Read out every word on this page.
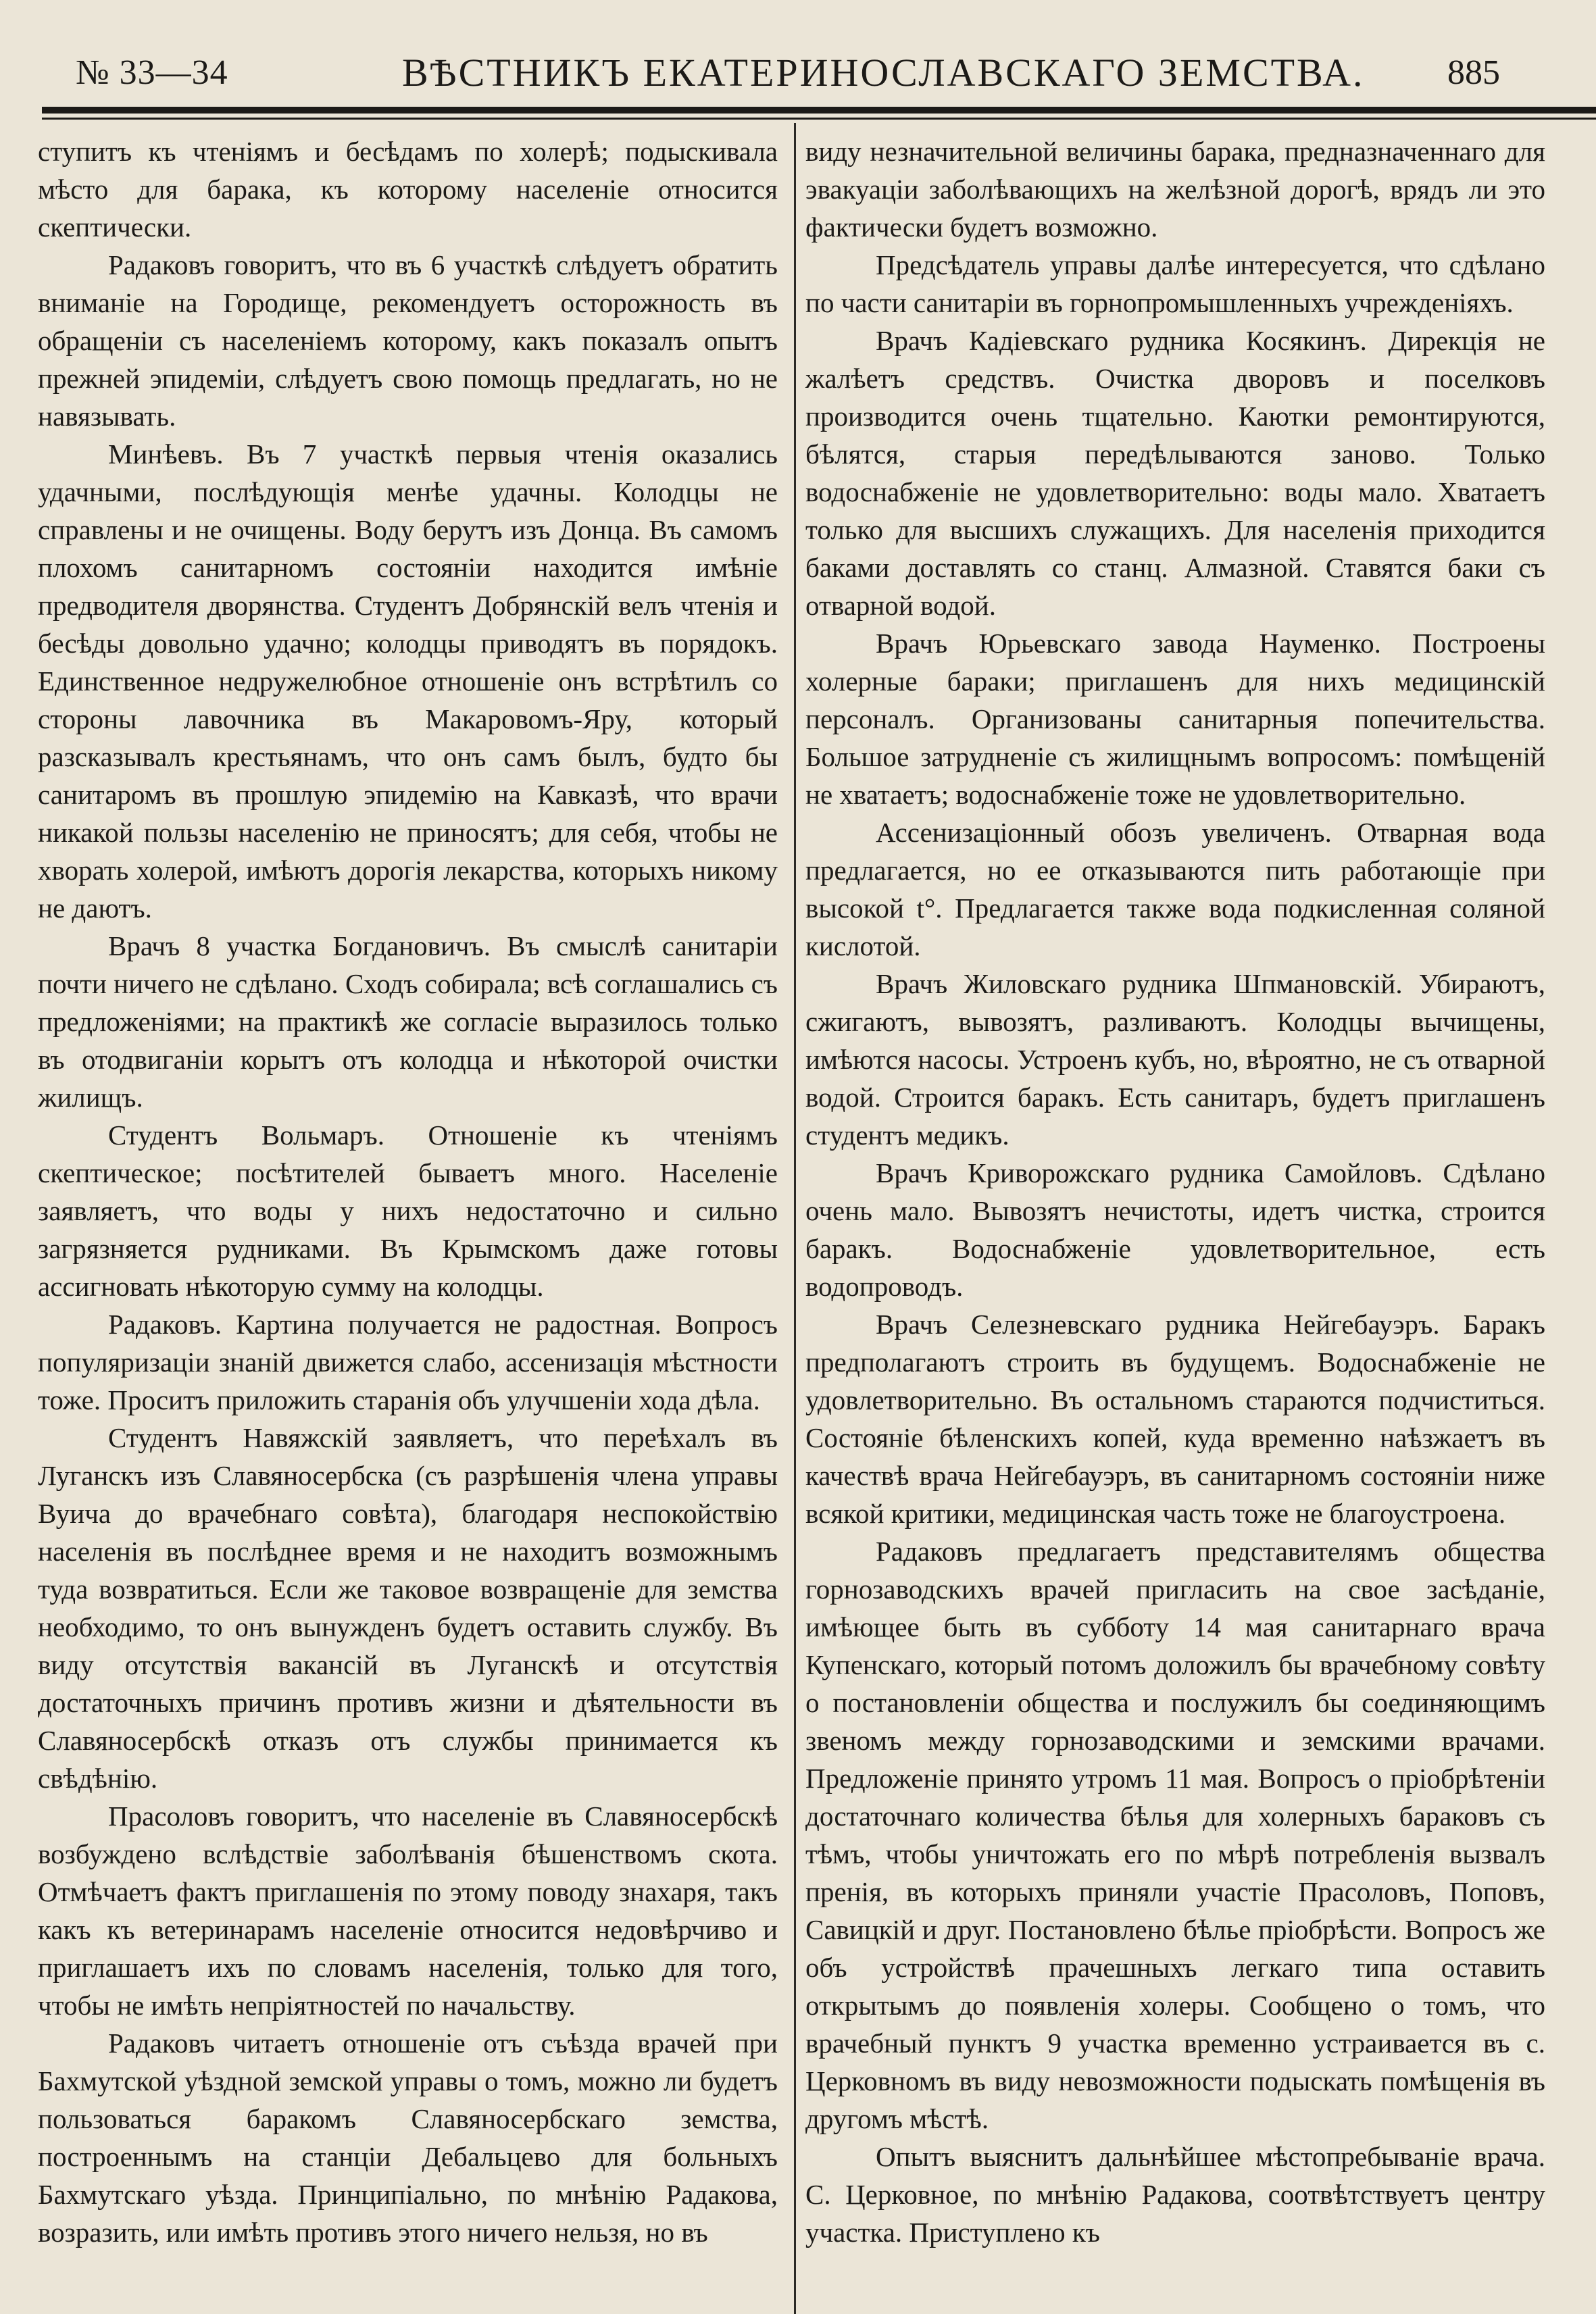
№ 33—34	ВѢСТНИКЪ ЕКАТЕРИНОСЛАВСКАГО ЗЕМСТВА. 885

ступитъ къ чтеніямъ и бесѣдамъ по холерѣ; подыскивала мѣсто для барака, къ которому населеніе относится скептически.

Радаковъ говоритъ, что въ 6 участкѣ слѣдуетъ обратить вниманіе на Городище, рекомендуетъ осторожность въ обращеніи съ населеніемъ которому, какъ показалъ опытъ прежней эпидеміи, слѣдуетъ свою помощь предлагать, но не навязывать.

Минѣевъ. Въ 7 участкѣ первыя чтенія оказались удачными, послѣдующія менѣе удачны. Колодцы не справлены и не очищены. Воду берутъ изъ Донца. Въ самомъ плохомъ санитарномъ состояніи находится имѣніе предводителя дворянства. Студентъ Добрянскій велъ чтенія и бесѣды довольно удачно; колодцы приводятъ въ порядокъ. Единственное недружелюбное отношеніе онъ встрѣтилъ со стороны лавочника въ Макаровомъ-Яру, который разсказывалъ крестьянамъ, что онъ самъ былъ, будто бы санитаромъ въ прошлую эпидемію на Кавказѣ, что врачи никакой пользы населенію не приносятъ; для себя, чтобы не хворать холерой, имѣютъ дорогія лекарства, которыхъ никому не даютъ.

Врачъ 8 участка Богдановичъ. Въ смыслѣ санитаріи почти ничего не сдѣлано. Сходъ собирала; всѣ соглашались съ предложеніями; на практикѣ же согласіе выразилось только въ отодвиганіи корытъ отъ колодца и нѣкоторой очистки жилищъ.

Студентъ Вольмаръ. Отношеніе къ чтеніямъ скептическое; посѣтителей бываетъ много. Населеніе заявляетъ, что воды у нихъ недостаточно и сильно загрязняется рудниками. Въ Крымскомъ даже готовы ассигновать нѣкоторую сумму на колодцы.

Радаковъ. Картина получается не радостная. Вопросъ популяризаціи знаній движется слабо, ассенизація мѣстности тоже. Проситъ приложить старанія объ улучшеніи хода дѣла.

Студентъ Навяжскій заявляетъ, что переѣхалъ въ Луганскъ изъ Славяносербска (съ разрѣшенія члена управы Вуича до врачебнаго совѣта), благодаря неспокойствію населенія въ послѣднее время и не находитъ возможнымъ туда возвратиться. Если же таковое возвращеніе для земства необходимо, то онъ вынужденъ будетъ оставить службу. Въ виду отсутствія вакансій въ Луганскѣ и отсутствія достаточныхъ причинъ противъ жизни и дѣятельности въ Славяносербскѣ отказъ отъ службы принимается къ свѣдѣнію.

Прасоловъ говоритъ, что населеніе въ Славяносербскѣ возбуждено вслѣдствіе заболѣванія бѣшенствомъ скота. Отмѣчаетъ фактъ приглашенія по этому поводу знахаря, такъ какъ къ ветеринарамъ населеніе относится недовѣрчиво и приглашаетъ ихъ по словамъ населенія, только для того, чтобы не имѣть непріятностей по начальству.

Радаковъ читаетъ отношеніе отъ съѣзда врачей при Бахмутской уѣздной земской управы о томъ, можно ли будетъ пользоваться баракомъ Славяносербскаго земства, построеннымъ на станціи Дебальцево для больныхъ Бахмутскаго уѣзда. Принципіально, по мнѣнію Радакова, возразить, или имѣть противъ этого ничего нельзя, но въ

виду незначительной величины барака, предназначеннаго для эвакуаціи заболѣвающихъ на желѣзной дорогѣ, врядъ ли это фактически будетъ возможно.

Предсѣдатель управы далѣе интересуется, что сдѣлано по части санитаріи въ горнопромышленныхъ учрежденіяхъ.

Врачъ Кадіевскаго рудника Косякинъ. Дирекція не жалѣетъ средствъ. Очистка дворовъ и поселковъ производится очень тщательно. Каютки ремонтируются, бѣлятся, старыя передѣлываются заново. Только водоснабженіе не удовлетворительно: воды мало. Хватаетъ только для высшихъ служащихъ. Для населенія приходится баками доставлять со станц. Алмазной. Ставятся баки съ отварной водой.

Врачъ Юрьевскаго завода Науменко. Построены холерные бараки; приглашенъ для нихъ медицинскій персоналъ. Организованы санитарныя попечительства. Большое затрудненіе съ жилищнымъ вопросомъ: помѣщеній не хватаетъ; водоснабженіе тоже не удовлетворительно.

Ассенизаціонный обозъ увеличенъ. Отварная вода предлагается, но ее отказываются пить работающіе при высокой t°. Предлагается также вода подкисленная соляной кислотой.

Врачъ Жиловскаго рудника Шпмановскій. Убираютъ, сжигаютъ, вывозятъ, разливаютъ. Колодцы вычищены, имѣются насосы. Устроенъ кубъ, но, вѣроятно, не съ отварной водой. Строится баракъ. Есть санитаръ, будетъ приглашенъ студентъ медикъ.

Врачъ Криворожскаго рудника Самойловъ. Сдѣлано очень мало. Вывозятъ нечистоты, идетъ чистка, строится баракъ. Водоснабженіе удовлетворительное, есть водопроводъ.

Врачъ Селезневскаго рудника Нейгебауэръ. Баракъ предполагаютъ строить въ будущемъ. Водоснабженіе не удовлетворительно. Въ остальномъ стараются подчиститься. Состояніе бѣленскихъ копей, куда временно наѣзжаетъ въ качествѣ врача Нейгебауэръ, въ санитарномъ состояніи ниже всякой критики, медицинская часть тоже не благоустроена.

Радаковъ предлагаетъ представителямъ общества горнозаводскихъ врачей пригласить на свое засѣданіе, имѣющее быть въ субботу 14 мая санитарнаго врача Купенскаго, который потомъ доложилъ бы врачебному совѣту о постановленіи общества и послужилъ бы соединяющимъ звеномъ между горнозаводскими и земскими врачами. Предложеніе принято утромъ 11 мая. Вопросъ о пріобрѣтеніи достаточнаго количества бѣлья для холерныхъ бараковъ съ тѣмъ, чтобы уничтожать его по мѣрѣ потребленія вызвалъ пренія, въ которыхъ приняли участіе Прасоловъ, Поповъ, Савицкій и друг. Постановлено бѣлье пріобрѣсти. Вопросъ же объ устройствѣ прачешныхъ легкаго типа оставить открытымъ до появленія холеры. Сообщено о томъ, что врачебный пунктъ 9 участка временно устраивается въ с. Церковномъ въ виду невозможности подыскать помѣщенія въ другомъ мѣстѣ.

Опытъ выяснитъ дальнѣйшее мѣстопребываніе врача. С. Церковное, по мнѣнію Радакова, соотвѣтствуетъ центру участка. Приступлено къ
